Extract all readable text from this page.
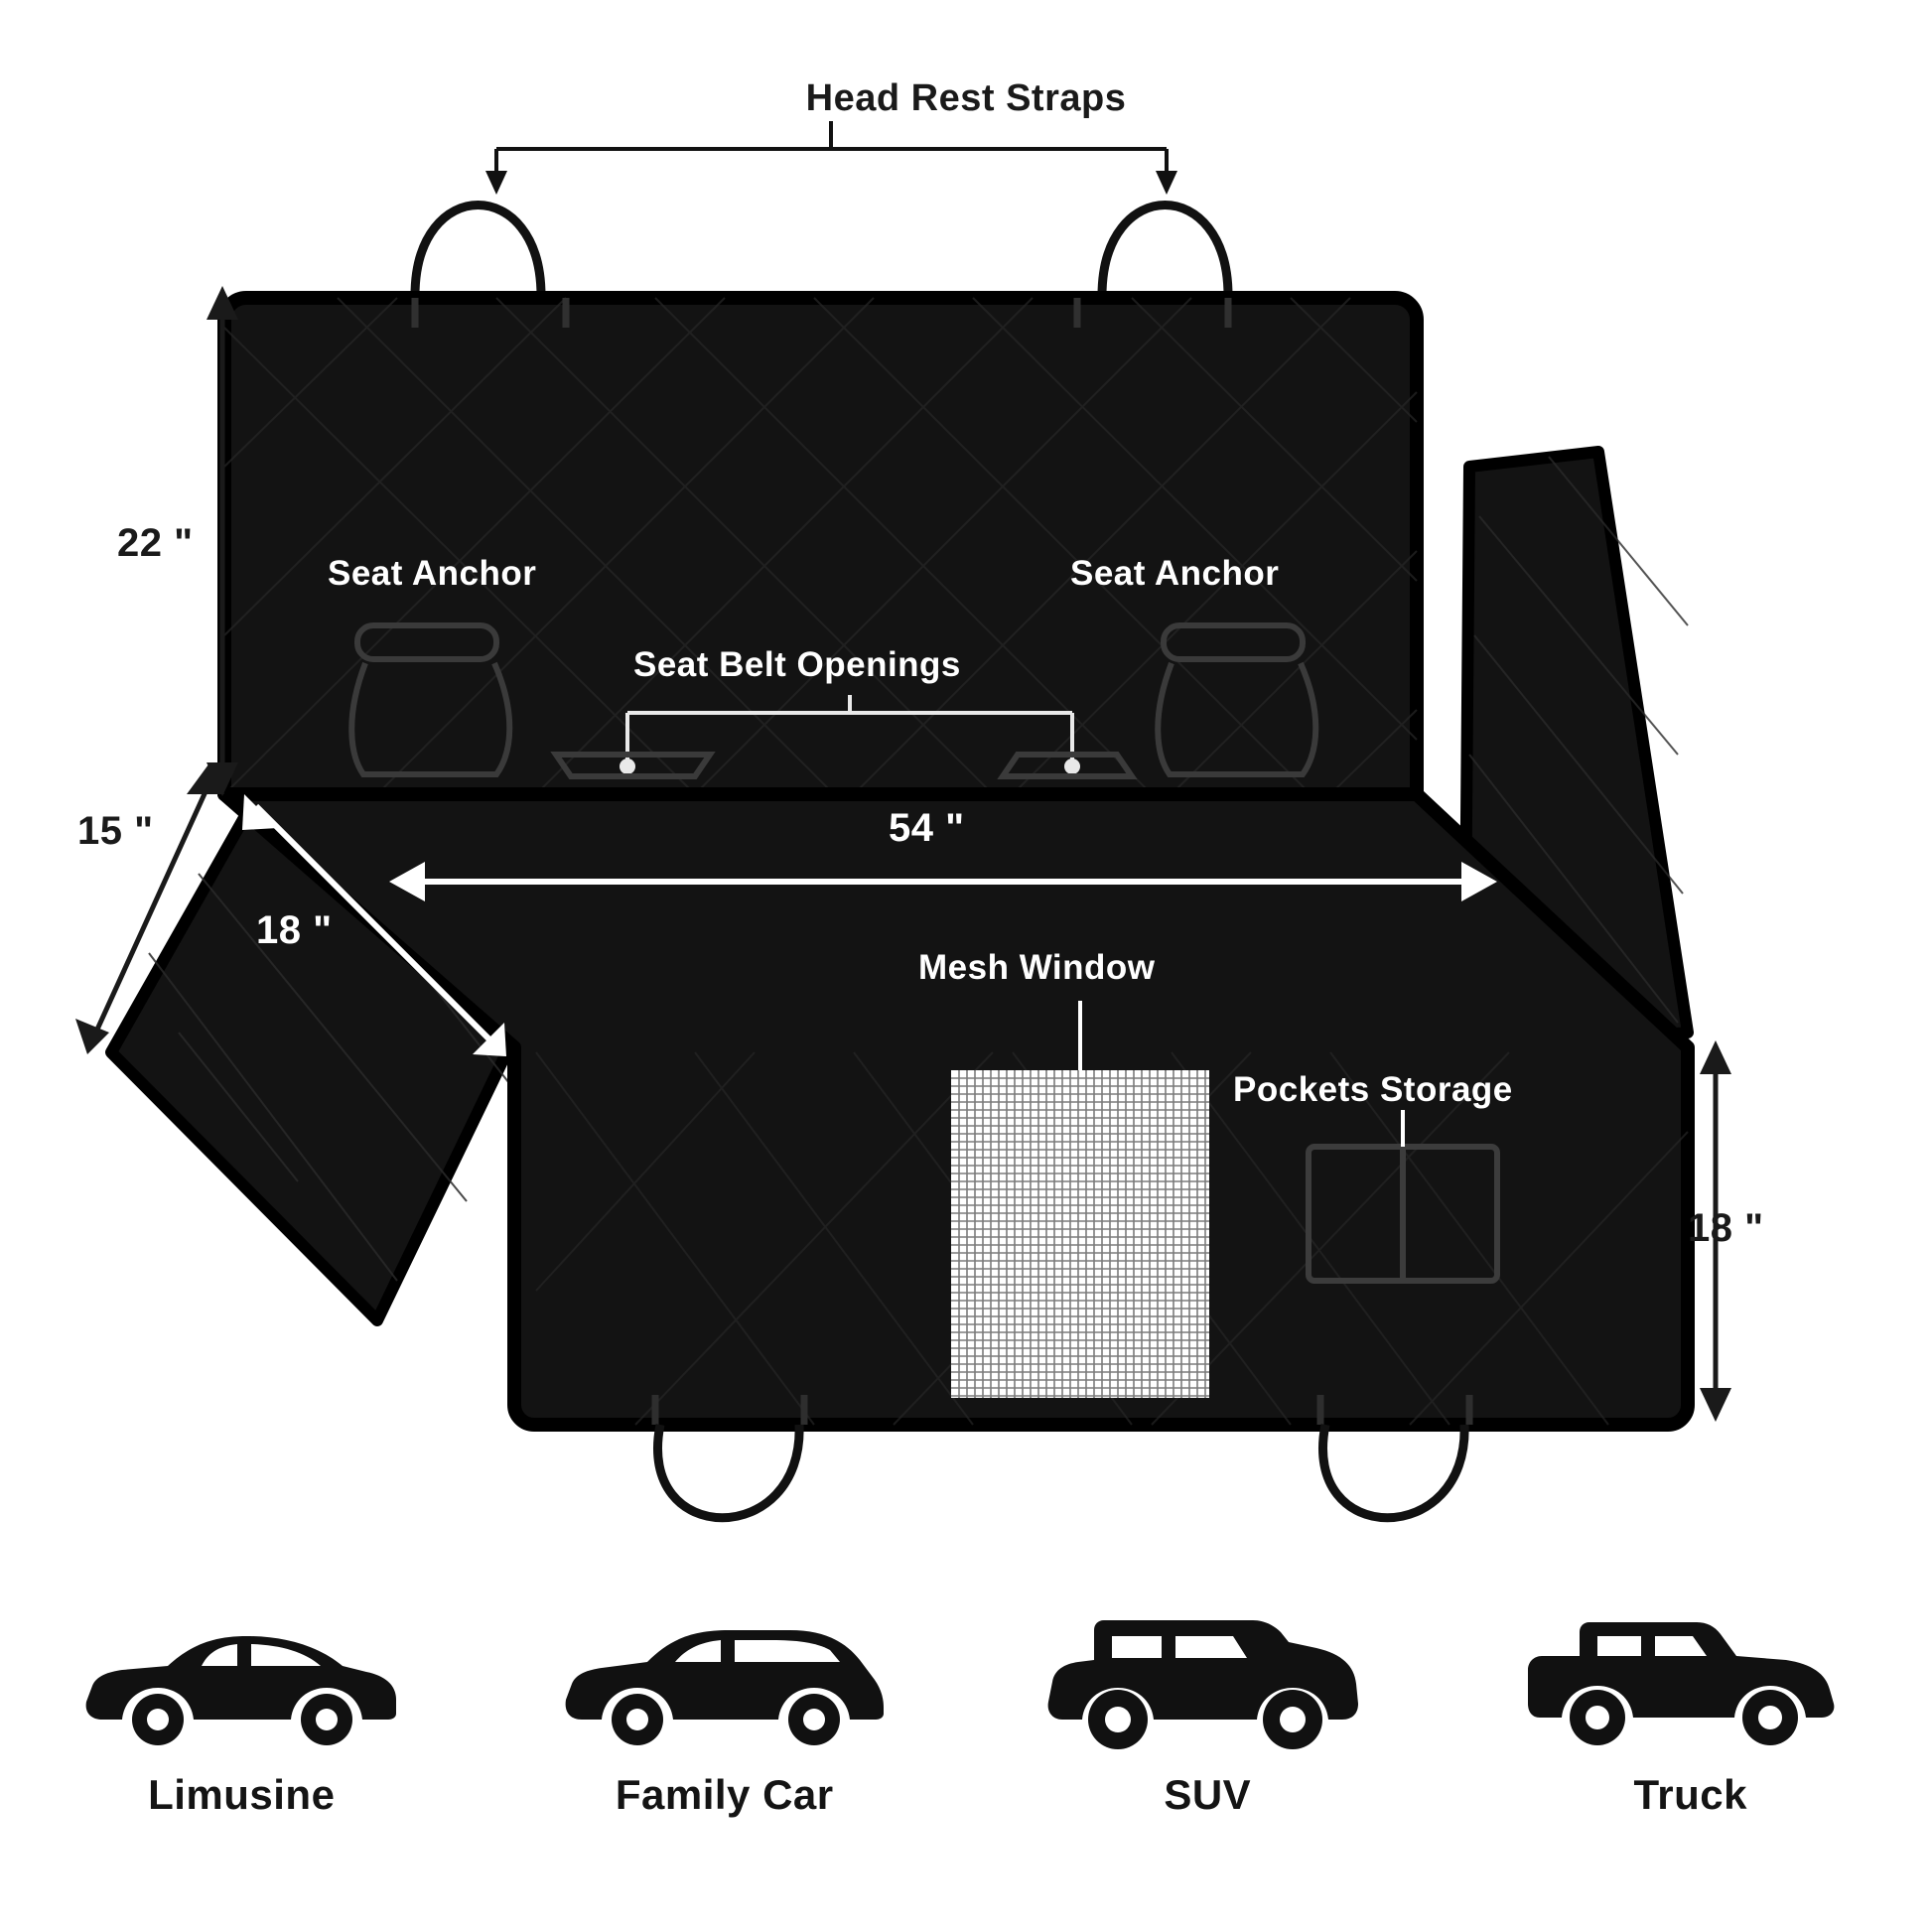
Head Rest Straps
Seat Anchor	Seat Anchor
Seat Belt Openings
Mesh Window
Pockets Storage
54 "
22 "
15 "
18 "
18 "
Limusine	Family Car	SUV	Truck
